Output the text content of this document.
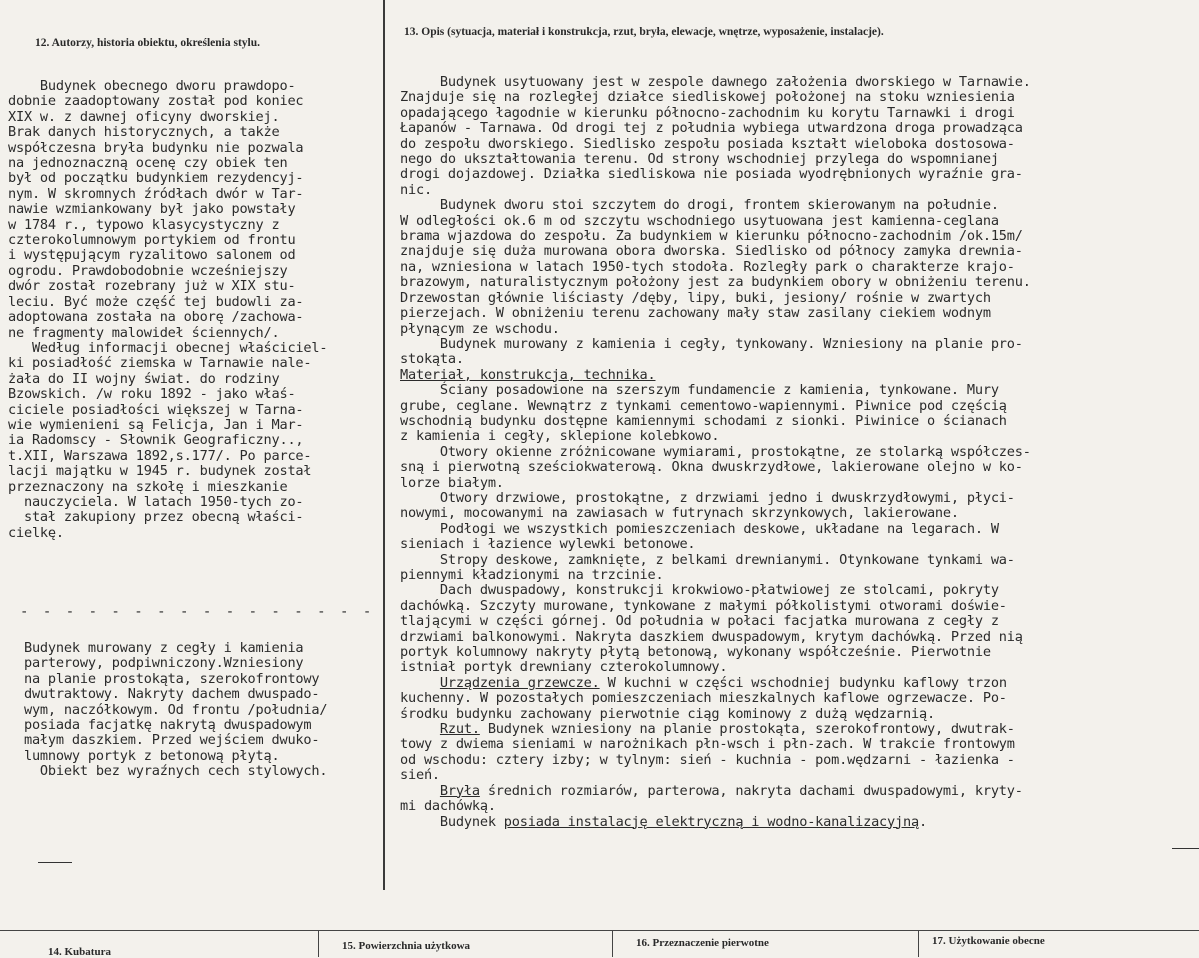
12. Autorzy, historia obiektu, określenia stylu.
13. Opis (sytuacja, materiał i konstrukcja, rzut, bryła, elewacje, wnętrze, wyposażenie, instalacje).
Budynek obecnego dworu prawdopo-
dobnie zaadoptowany został pod koniec
XIX w. z dawnej oficyny dworskiej.
Brak danych historycznych, a także
współczesna bryła budynku nie pozwala
na jednoznaczną ocenę czy obiek ten
był od początku budynkiem rezydencyj-
nym. W skromnych źródłach dwór w Tar-
nawie wzmiankowany był jako powstały
w 1784 r., typowo klasycystyczny z
czterokolumnowym portykiem od frontu
i występującym ryzalitowo salonem od
ogrodu. Prawdobodobnie wcześniejszy
dwór został rozebrany już w XIX stu-
leciu. Być może część tej budowli za-
adoptowana została na oborę /zachowa-
ne fragmenty malowideł ściennych/.
Według informacji obecnej właściciel-
ki posiadłość ziemska w Tarnawie nale-
żała do II wojny świat. do rodziny
Bzowskich. /w roku 1892 - jako właś-
ciciele posiadłości większej w Tarna-
wie wymienieni są Felicja, Jan i Mar-
ia Radomscy - Słownik Geograficzny..,
t.XII, Warszawa 1892,s.177/. Po parce-
lacji majątku w 1945 r. budynek został
przeznaczony na szkołę i mieszkanie
nauczyciela. W latach 1950-tych zo-
stał zakupiony przez obecną właści-
cielkę.
- - - - - - - - - - - - - - - -
Budynek murowany z cegły i kamienia
parterowy, podpiwniczony.Wzniesiony
na planie prostokąta, szerokofrontowy
dwutraktowy. Nakryty dachem dwuspado-
wym, naczółkowym. Od frontu /południa/
posiada facjatkę nakrytą dwuspadowym
małym daszkiem. Przed wejściem dwuko-
lumnowy portyk z betonową płytą.
Obiekt bez wyraźnych cech stylowych.
Budynek usytuowany jest w zespole dawnego założenia dworskiego w Tarnawie.
Znajduje się na rozległej działce siedliskowej położonej na stoku wzniesienia
opadającego łagodnie w kierunku północno-zachodnim ku korytu Tarnawki i drogi
Łapanów - Tarnawa. Od drogi tej z południa wybiega utwardzona droga prowadząca
do zespołu dworskiego. Siedlisko zespołu posiada kształt wieloboka dostosowa-
nego do ukształtowania terenu. Od strony wschodniej przylega do wspomnianej
drogi dojazdowej. Działka siedliskowa nie posiada wyodrębnionych wyraźnie gra-
nic.
Budynek dworu stoi szczytem do drogi, frontem skierowanym na południe.
W odległości ok.6 m od szczytu wschodniego usytuowana jest kamienna-ceglana
brama wjazdowa do zespołu. Za budynkiem w kierunku północno-zachodnim /ok.15m/
znajduje się duża murowana obora dworska. Siedlisko od północy zamyka drewnia-
na, wzniesiona w latach 1950-tych stodoła. Rozległy park o charakterze krajo-
brazowym, naturalistycznym położony jest za budynkiem obory w obniżeniu terenu.
Drzewostan głównie liściasty /dęby, lipy, buki, jesiony/ rośnie w zwartych
pierzejach. W obniżeniu terenu zachowany mały staw zasilany ciekiem wodnym
płynącym ze wschodu.
Budynek murowany z kamienia i cegły, tynkowany. Wzniesiony na planie pro-
stokąta.
Materiał, konstrukcja, technika.
Ściany posadowione na szerszym fundamencie z kamienia, tynkowane. Mury
grube, ceglane. Wewnątrz z tynkami cementowo-wapiennymi. Piwnice pod częścią
wschodnią budynku dostępne kamiennymi schodami z sionki. Piwinice o ścianach
z kamienia i cegły, sklepione kolebkowo.
Otwory okienne zróżnicowane wymiarami, prostokątne, ze stolarką współczes-
sną i pierwotną sześciokwaterową. Okna dwuskrzydłowe, lakierowane olejno w ko-
lorze białym.
Otwory drzwiowe, prostokątne, z drzwiami jedno i dwuskrzydłowymi, płyci-
nowymi, mocowanymi na zawiasach w futrynach skrzynkowych, lakierowane.
Podłogi we wszystkich pomieszczeniach deskowe, układane na legarach. W
sieniach i łazience wylewki betonowe.
Stropy deskowe, zamknięte, z belkami drewnianymi. Otynkowane tynkami wa-
piennymi kładzionymi na trzcinie.
Dach dwuspadowy, konstrukcji krokwiowo-płatwiowej ze stolcami, pokryty
dachówką. Szczyty murowane, tynkowane z małymi półkolistymi otworami doświe-
tlającymi w części górnej. Od południa w połaci facjatka murowana z cegły z
drzwiami balkonowymi. Nakryta daszkiem dwuspadowym, krytym dachówką. Przed nią
portyk kolumnowy nakryty płytą betonową, wykonany współcześnie. Pierwotnie
istniał portyk drewniany czterokolumnowy.
Urządzenia grzewcze. W kuchni w części wschodniej budynku kaflowy trzon
kuchenny. W pozostałych pomieszczeniach mieszkalnych kaflowe ogrzewacze. Po-
środku budynku zachowany pierwotnie ciąg kominowy z dużą wędzarnią.
Rzut. Budynek wzniesiony na planie prostokąta, szerokofrontowy, dwutrak-
towy z dwiema sieniami w narożnikach płn-wsch i płn-zach. W trakcie frontowym
od wschodu: cztery izby; w tylnym: sień - kuchnia - pom.wędzarni - łazienka -
sień.
Bryła średnich rozmiarów, parterowa, nakryta dachami dwuspadowymi, kryty-
mi dachówką.
Budynek posiada instalację elektryczną i wodno-kanalizacyjną.
14. Kubatura	15. Powierzchnia użytkowa	16. Przeznaczenie pierwotne	17. Użytkowanie obecne
